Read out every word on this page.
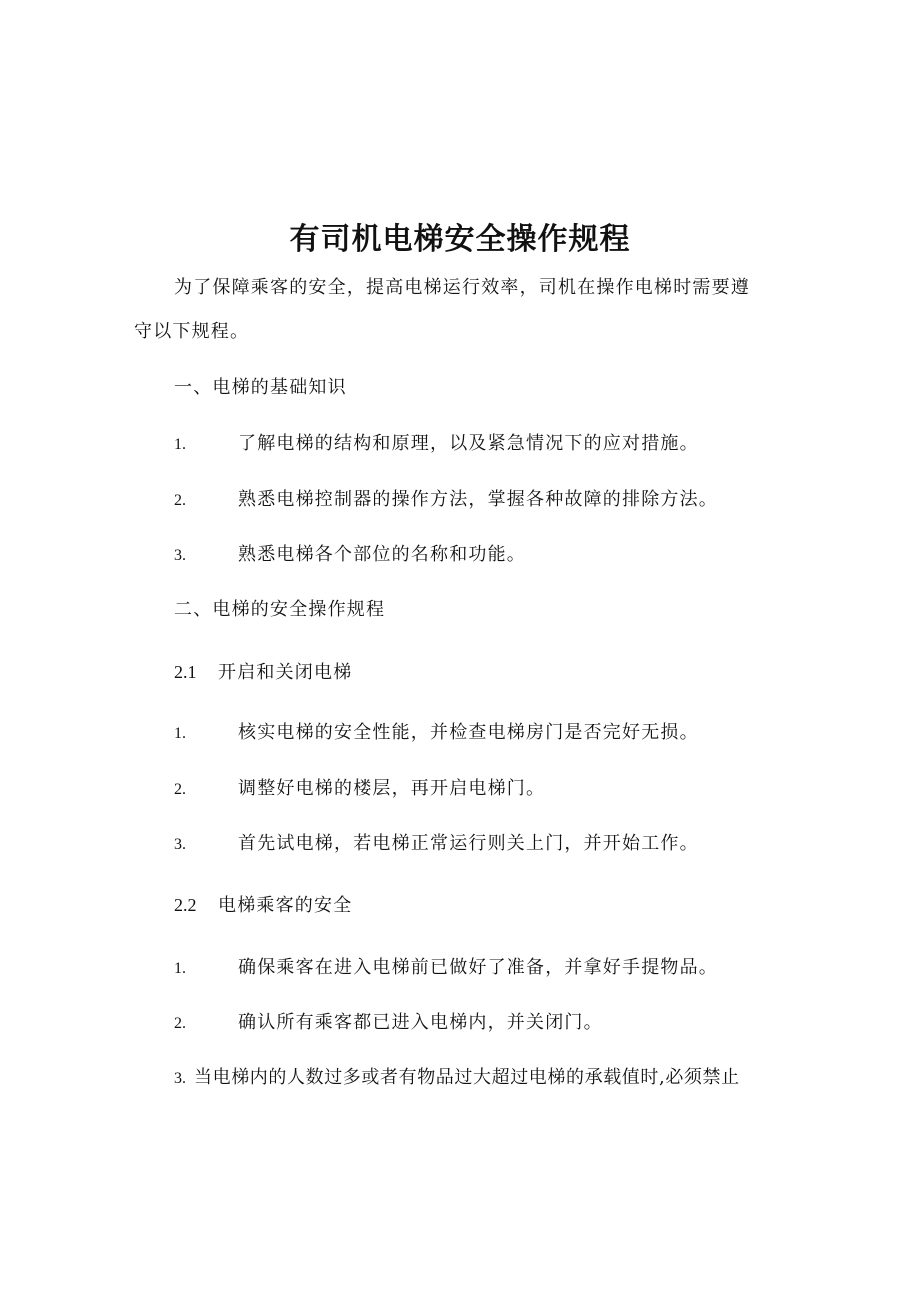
有司机电梯安全操作规程

为了保障乘客的安全，提高电梯运行效率，司机在操作电梯时需要遵

守以下规程。

一、电梯的基础知识

1.	了解电梯的结构和原理，以及紧急情况下的应对措施。

2.	熟悉电梯控制器的操作方法，掌握各种故障的排除方法。

3.	熟悉电梯各个部位的名称和功能。

二、电梯的安全操作规程

2.1 开启和关闭电梯

1.	核实电梯的安全性能，并检查电梯房门是否完好无损。

2.	调整好电梯的楼层，再开启电梯门。

3.	首先试电梯，若电梯正常运行则关上门，并开始工作。

2.2 电梯乘客的安全

1.	确保乘客在进入电梯前已做好了准备，并拿好手提物品。

2.	确认所有乘客都已进入电梯内，并关闭门。

3. 当电梯内的人数过多或者有物品过大超过电梯的承载值时,必须禁止
